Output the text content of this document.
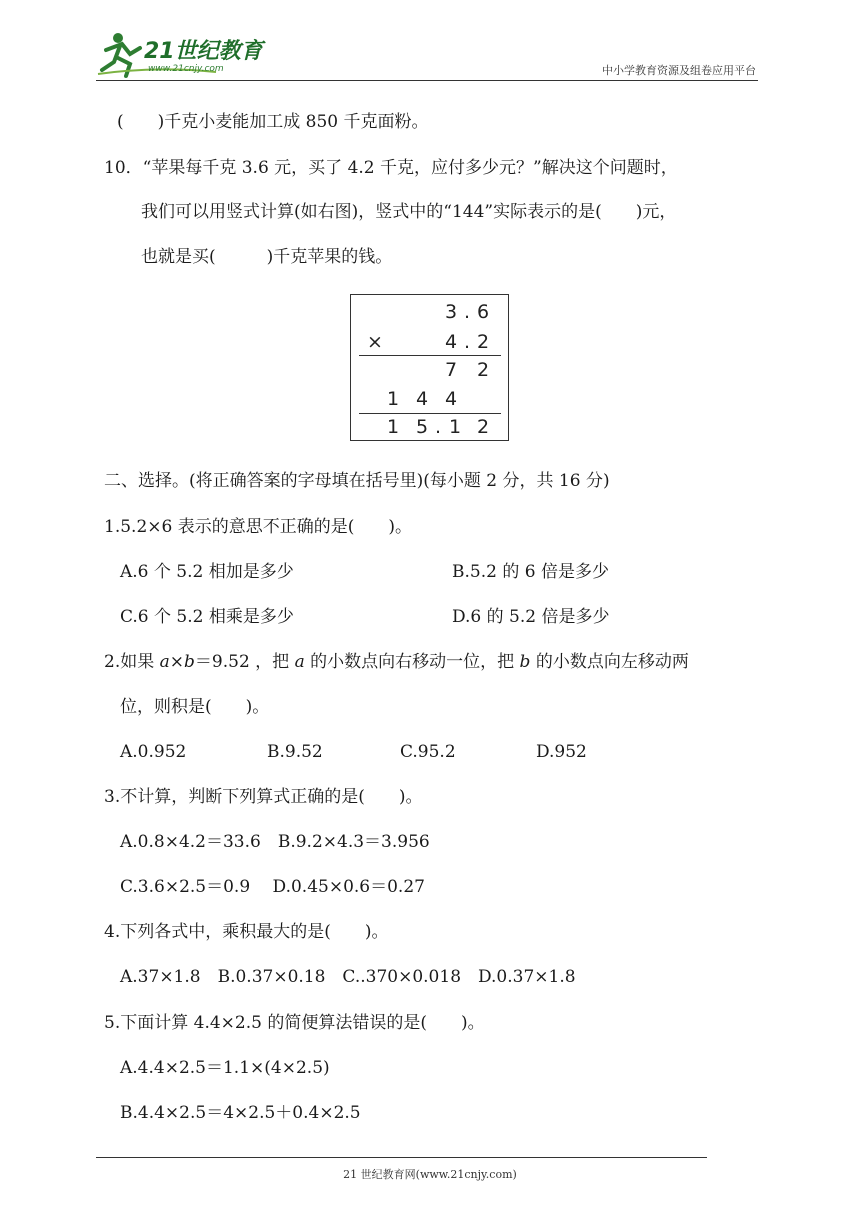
21世纪教育
www.21cnjy.com	中小学教育资源及组卷应用平台
(　　)千克小麦能加工成 850 千克面粉。
10．“苹果每千克 3.6 元，买了 4.2 千克，应付多少元？”解决这个问题时，
我们可以用竖式计算(如右图)，竖式中的“144”实际表示的是(　　)元，
也就是买(　　　)千克苹果的钱。
3 . 6
×	4 . 2
7 2
1 4 4
1 5 . 1 2
二、选择。(将正确答案的字母填在括号里)(每小题 2 分，共 16 分)
1.5.2×6 表示的意思不正确的是(　　)。
A.6 个 5.2 相加是多少	B.5.2 的 6 倍是多少
C.6 个 5.2 相乘是多少	D.6 的 5.2 倍是多少
2.如果 a×b＝9.52 ，把 a 的小数点向右移动一位，把 b 的小数点向左移动两
位，则积是(　　)。
A.0.952	B.9.52	C.95.2	D.952
3.不计算，判断下列算式正确的是(　　)。
A.0.8×4.2＝33.6　B.9.2×4.3＝3.956
C.3.6×2.5＝0.9　 D.0.45×0.6＝0.27
4.下列各式中，乘积最大的是(　　)。
A.37×1.8　B.0.37×0.18　C..370×0.018　D.0.37×1.8
5.下面计算 4.4×2.5 的简便算法错误的是(　　)。
A.4.4×2.5＝1.1×(4×2.5)
B.4.4×2.5＝4×2.5＋0.4×2.5
21 世纪教育网(www.21cnjy.com)
